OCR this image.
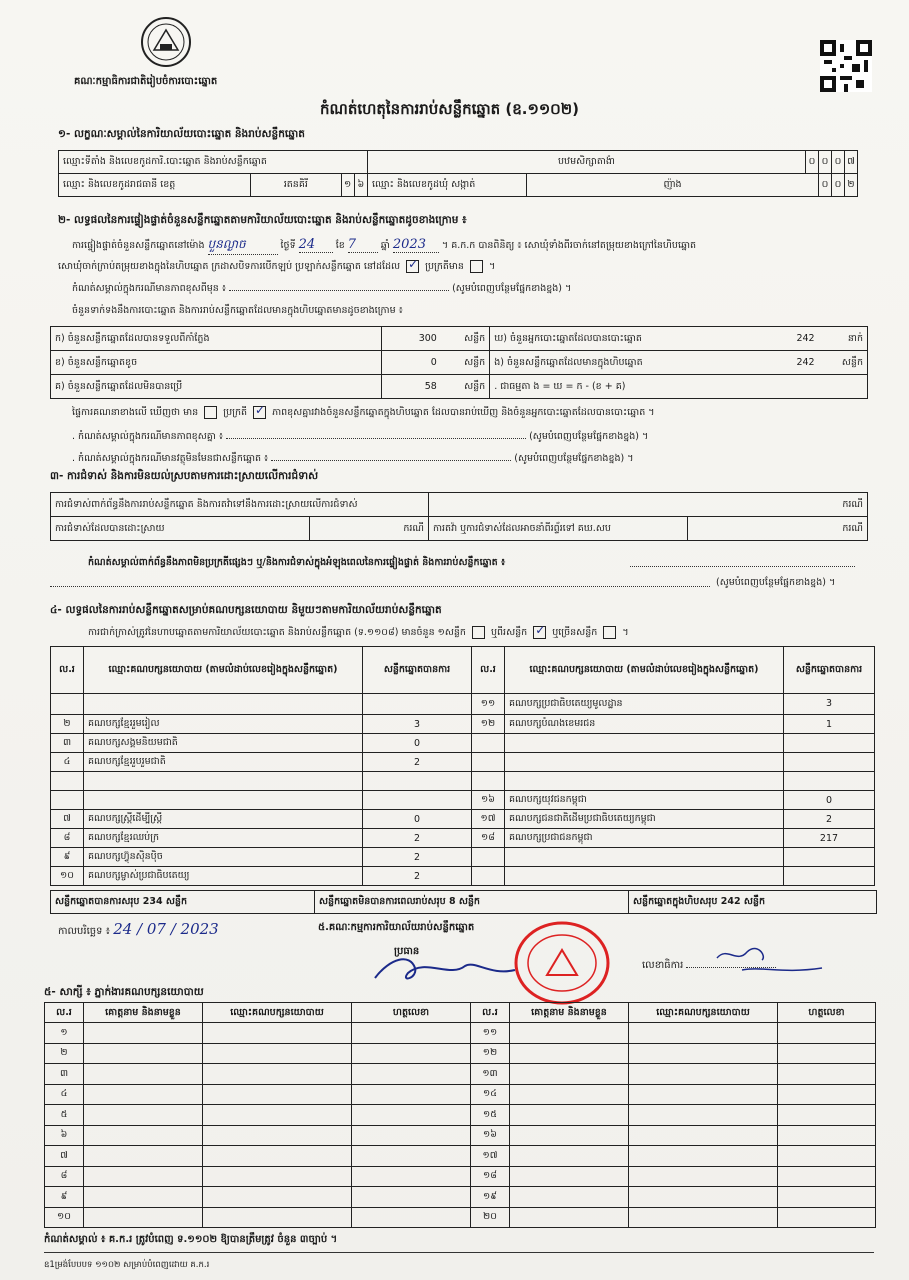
គណៈកម្មាធិការជាតិរៀបចំការបោះឆ្នោត
កំណត់ហេតុនៃការរាប់សន្លឹកឆ្នោត (ឧ.១១០២)
១- លក្ខណៈសម្គាល់នៃការិយាល័យបោះឆ្នោត និងរាប់សន្លឹកឆ្នោត
ឈ្មោះទីតាំង និងលេខកូដការិ.បោះឆ្នោត និងរាប់សន្លឹកឆ្នោត				បឋមសិក្សាតាង៉ា		០	០	០	៧
ឈ្មោះ និងលេខកូដរាជធានី ខេត្ត	រតនគិរី	១	៦	ឈ្មោះ និងលេខកូដឃុំ សង្កាត់	ញ៉ាង		០	០	២
២- លទ្ធផលនៃការផ្ទៀងផ្ទាត់ចំនួនសន្លឹកឆ្នោតតាមការិយាល័យបោះឆ្នោត និងរាប់សន្លឹកឆ្នោតដូចខាងក្រោម ៖
ការផ្ទៀងផ្ទាត់ចំនួនសន្លឹកឆ្នោតនៅម៉ោង បួនល្ងាច	ថ្ងៃទី 24 ខែ 7	ឆ្នាំ 2023 ។ គ.ក.ក បានពិនិត្យ ៖ សោឃុំទាំងពីរចាក់នៅតម្រុយខាងក្រៅនៃហិបឆ្នោត
សោឃុំចាក់ក្រាប់តម្រុយខាងក្នុងនៃហិបឆ្នោត ក្រដាសបិទការ​បើកឡប់ ប្រឡាក់សន្លឹកឆ្នោត នៅដដែល ✓	ប្រក្រតីមាន  ។
កំណត់សម្គាល់ក្នុងករណីមានភាពខុសពីមុន ៖	(សូមបំពេញបន្ថែមផ្នែកខាងខ្នង) ។
ចំនួនទាក់ទងនឹងការបោះឆ្នោត និងការរាប់សន្លឹកឆ្នោតដែលមានក្នុងហិបឆ្នោតមានដូចខាងក្រោម ៖
ក) ចំនួនសន្លឹកឆ្នោតដែលបានទទួលពីកាំភ្លែង	300	សន្លឹក	ឃ) ចំនួនអ្នកបោះឆ្នោតដែលបានបោះឆ្នោត	242	នាក់
ខ) ចំនួនសន្លឹកឆ្នោតខូច	0	សន្លឹក	ង) ចំនួនសន្លឹកឆ្នោតដែលមានក្នុងហិបឆ្នោត	242	សន្លឹក
គ) ចំនួនសន្លឹកឆ្នោតដែលមិនបានប្រើ	58	សន្លឹក	. ជាធម្មតា ង = ឃ = ក - (ខ + គ)		
ផ្ទៃការគណនាខាងលើ ឃើញថា មាន	ប្រក្រតី ✓	ភាពខុសគ្នារវាងចំនួនសន្លឹកឆ្នោតក្នុងហិបឆ្នោត ដែលបានរាប់ឃើញ និងចំនួនអ្នកបោះឆ្នោតដែលបានបោះឆ្នោត ។
. កំណត់សម្គាល់ក្នុងករណីមានភាពខុសគ្នា ៖	(សូមបំពេញបន្ថែមផ្នែកខាងខ្នង) ។
. កំណត់សម្គាល់ក្នុងករណីមានវត្ថុមិនមែនជាសន្លឹកឆ្នោត ៖	(សូមបំពេញបន្ថែមផ្នែកខាងខ្នង) ។
៣- ការជំទាស់ និងការមិនយល់ស្របតាមការដោះស្រាយលើការជំទាស់
ការជំទាស់ពាក់ព័ន្ធនឹងការរាប់សន្លឹកឆ្នោត និងការតវ៉ាទៅនឹងការដោះស្រាយលើការជំទាស់		ករណី	
ការជំទាស់ដែលបានដោះស្រាយ	ករណី	ការតវ៉ា ឬការជំទាស់ដែលអាចនាំពីរព្ទ័រទៅ គឃ.សប	ករណី
កំណត់សម្គាល់ពាក់ព័ន្ធនឹងភាពមិនប្រក្រតីផ្សេងៗ ឬ/និងការជំទាស់ក្នុងអំឡុងពេលនៃការផ្ទៀងផ្ទាត់ និងការរាប់សន្លឹកឆ្នោត ៖
(សូមបំពេញបន្ថែមផ្នែកខាងខ្នង) ។
៤- លទ្ធផលនៃការរាប់សន្លឹកឆ្នោតសម្រាប់គណបក្សនយោបាយ និមួយៗតាមការិយាល័យរាប់សន្លឹកឆ្នោត
ការជាក់ក្រាស់ត្រូវនៃហាបឆ្នោតតាមការិយាល័យបោះឆ្នោត និងរាប់សន្លឹកឆ្នោត (ទ.១១០៨) មានចំនួន ១សន្លឹក	ឬពីរសន្លឹក ✓	ឬច្រើនសន្លឹក  ។
ល.រ	ឈ្មោះគណបក្សនយោបាយ (តាមលំដាប់លេខរៀងក្នុងសន្លឹកឆ្នោត)	សន្លឹកឆ្នោតបានការ	ល.រ	ឈ្មោះគណបក្សនយោបាយ (តាមលំដាប់លេខរៀងក្នុងសន្លឹកឆ្នោត)	សន្លឹកឆ្នោតបានការ
			១១	គណបក្សប្រជាធិបតេយ្យមូលដ្ឋាន	3
២	គណបក្សខ្មែររួមរៀល	3	១២	គណបក្សបំណងខេមរជន	1
៣	គណបក្សសង្គមនិយមជាតិ	0			
៤	គណបក្សខ្មែរ​រួបរួមជាតិ	2			

			១៦	គណបក្សយុវជនកម្ពុជា	0
៧	គណបក្សស្ត្រីដើម្បីស្ត្រី	0	១៧	គណបក្សជនជាតិដើមប្រជាធិបតេយ្យកម្ពុជា	2
៨	គណបក្សខ្មែរឈប់ក្រ	2	១៨	គណបក្សប្រជាជនកម្ពុជា	217
៩	គណបក្សហ៊្វុនស៊ិនប៉ិច	2			
១០	គណបក្សម្ចាស់ប្រជាធិបតេយ្យ	2			
សន្លឹកឆ្នោតបានការសរុប 234 សន្លឹក	សន្លឹកឆ្នោតមិនបានការពេលរាប់សរុប 8 សន្លឹក	សន្លឹកឆ្នោតក្នុងហិបសរុប 242 សន្លឹក
កាលបរិច្ឆេទ ៖ 24 / 07 / 2023	៥.គណៈកម្មការការិយាល័យរាប់សន្លឹកឆ្នោត
ប្រធាន
លេខាធិការ
៥- សាក្សី ៖ ភ្នាក់ងារគណបក្សនយោបាយ
ល.រ	គោត្តនាម និងនាមខ្លួន	ឈ្មោះគណបក្សនយោបាយ	ហត្ថលេខា	ល.រ	គោត្តនាម និងនាមខ្លួន	ឈ្មោះគណបក្សនយោបាយ	ហត្ថលេខា
១				១១			
២				១២			
៣				១៣			
៤				១៤			
៥				១៥			
៦				១៦			
៧				១៧			
៨				១៨			
៩				១៩			
១០				២០			
កំណត់សម្គាល់ ៖ គ.ក.រ ត្រូវបំពេញ ទ.១១០២ ឱ្យបានត្រឹមត្រូវ ចំនួន ៣ច្បាប់ ។
ឧ1ម្រង់បែបបទ ១១០២ សម្រាប់បំពេញដោយ គ.ក.រ
